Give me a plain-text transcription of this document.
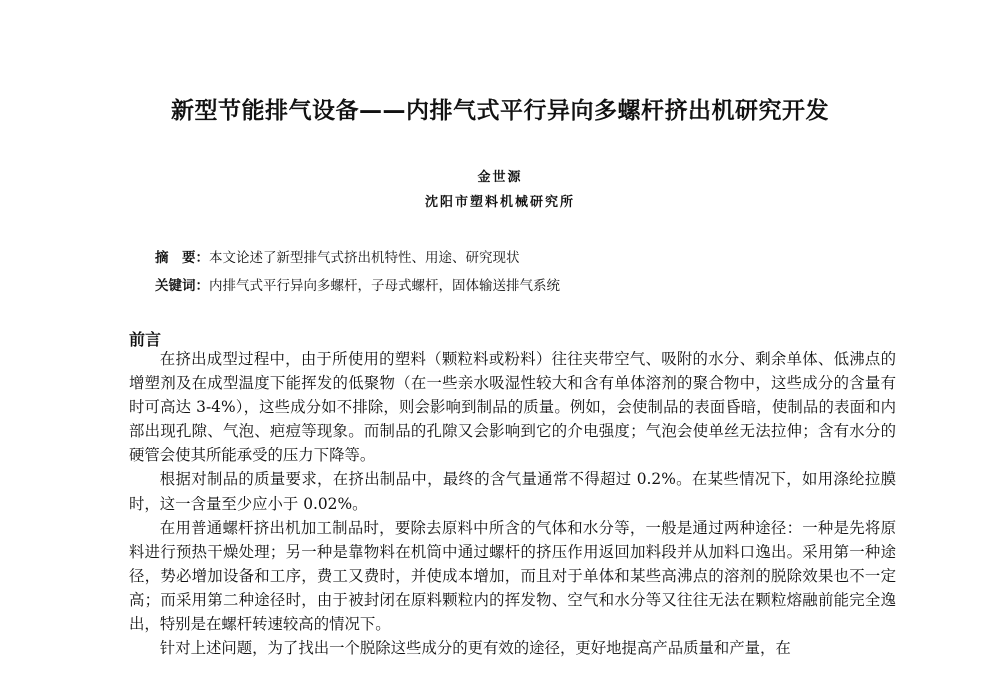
新型节能排气设备——内排气式平行异向多螺杆挤出机研究开发
金世源
沈阳市塑料机械研究所
摘　要：本文论述了新型排气式挤出机特性、用途、研究现状
关键词：内排气式平行异向多螺杆，子母式螺杆，固体输送排气系统
前言

在挤出成型过程中，由于所使用的塑料（颗粒料或粉料）往往夹带空气、吸附的水分、剩余单体、低沸点的增塑剂及在成型温度下能挥发的低聚物（在一些亲水吸湿性较大和含有单体溶剂的聚合物中，这些成分的含量有时可高达 3-4%），这些成分如不排除，则会影响到制品的质量。例如，会使制品的表面昏暗，使制品的表面和内部出现孔隙、气泡、疤痘等现象。而制品的孔隙又会影响到它的介电强度；气泡会使单丝无法拉伸；含有水分的硬管会使其所能承受的压力下降等。

根据对制品的质量要求，在挤出制品中，最终的含气量通常不得超过 0.2%。在某些情况下，如用涤纶拉膜时，这一含量至少应小于 0.02%。

在用普通螺杆挤出机加工制品时，要除去原料中所含的气体和水分等，一般是通过两种途径：一种是先将原料进行预热干燥处理；另一种是靠物料在机筒中通过螺杆的挤压作用返回加料段并从加料口逸出。采用第一种途径，势必增加设备和工序，费工又费时，并使成本增加，而且对于单体和某些高沸点的溶剂的脱除效果也不一定高；而采用第二种途径时，由于被封闭在原料颗粒内的挥发物、空气和水分等又往往无法在颗粒熔融前能完全逸出，特别是在螺杆转速较高的情况下。

针对上述问题，为了找出一个脱除这些成分的更有效的途径，更好地提高产品质量和产量，在
